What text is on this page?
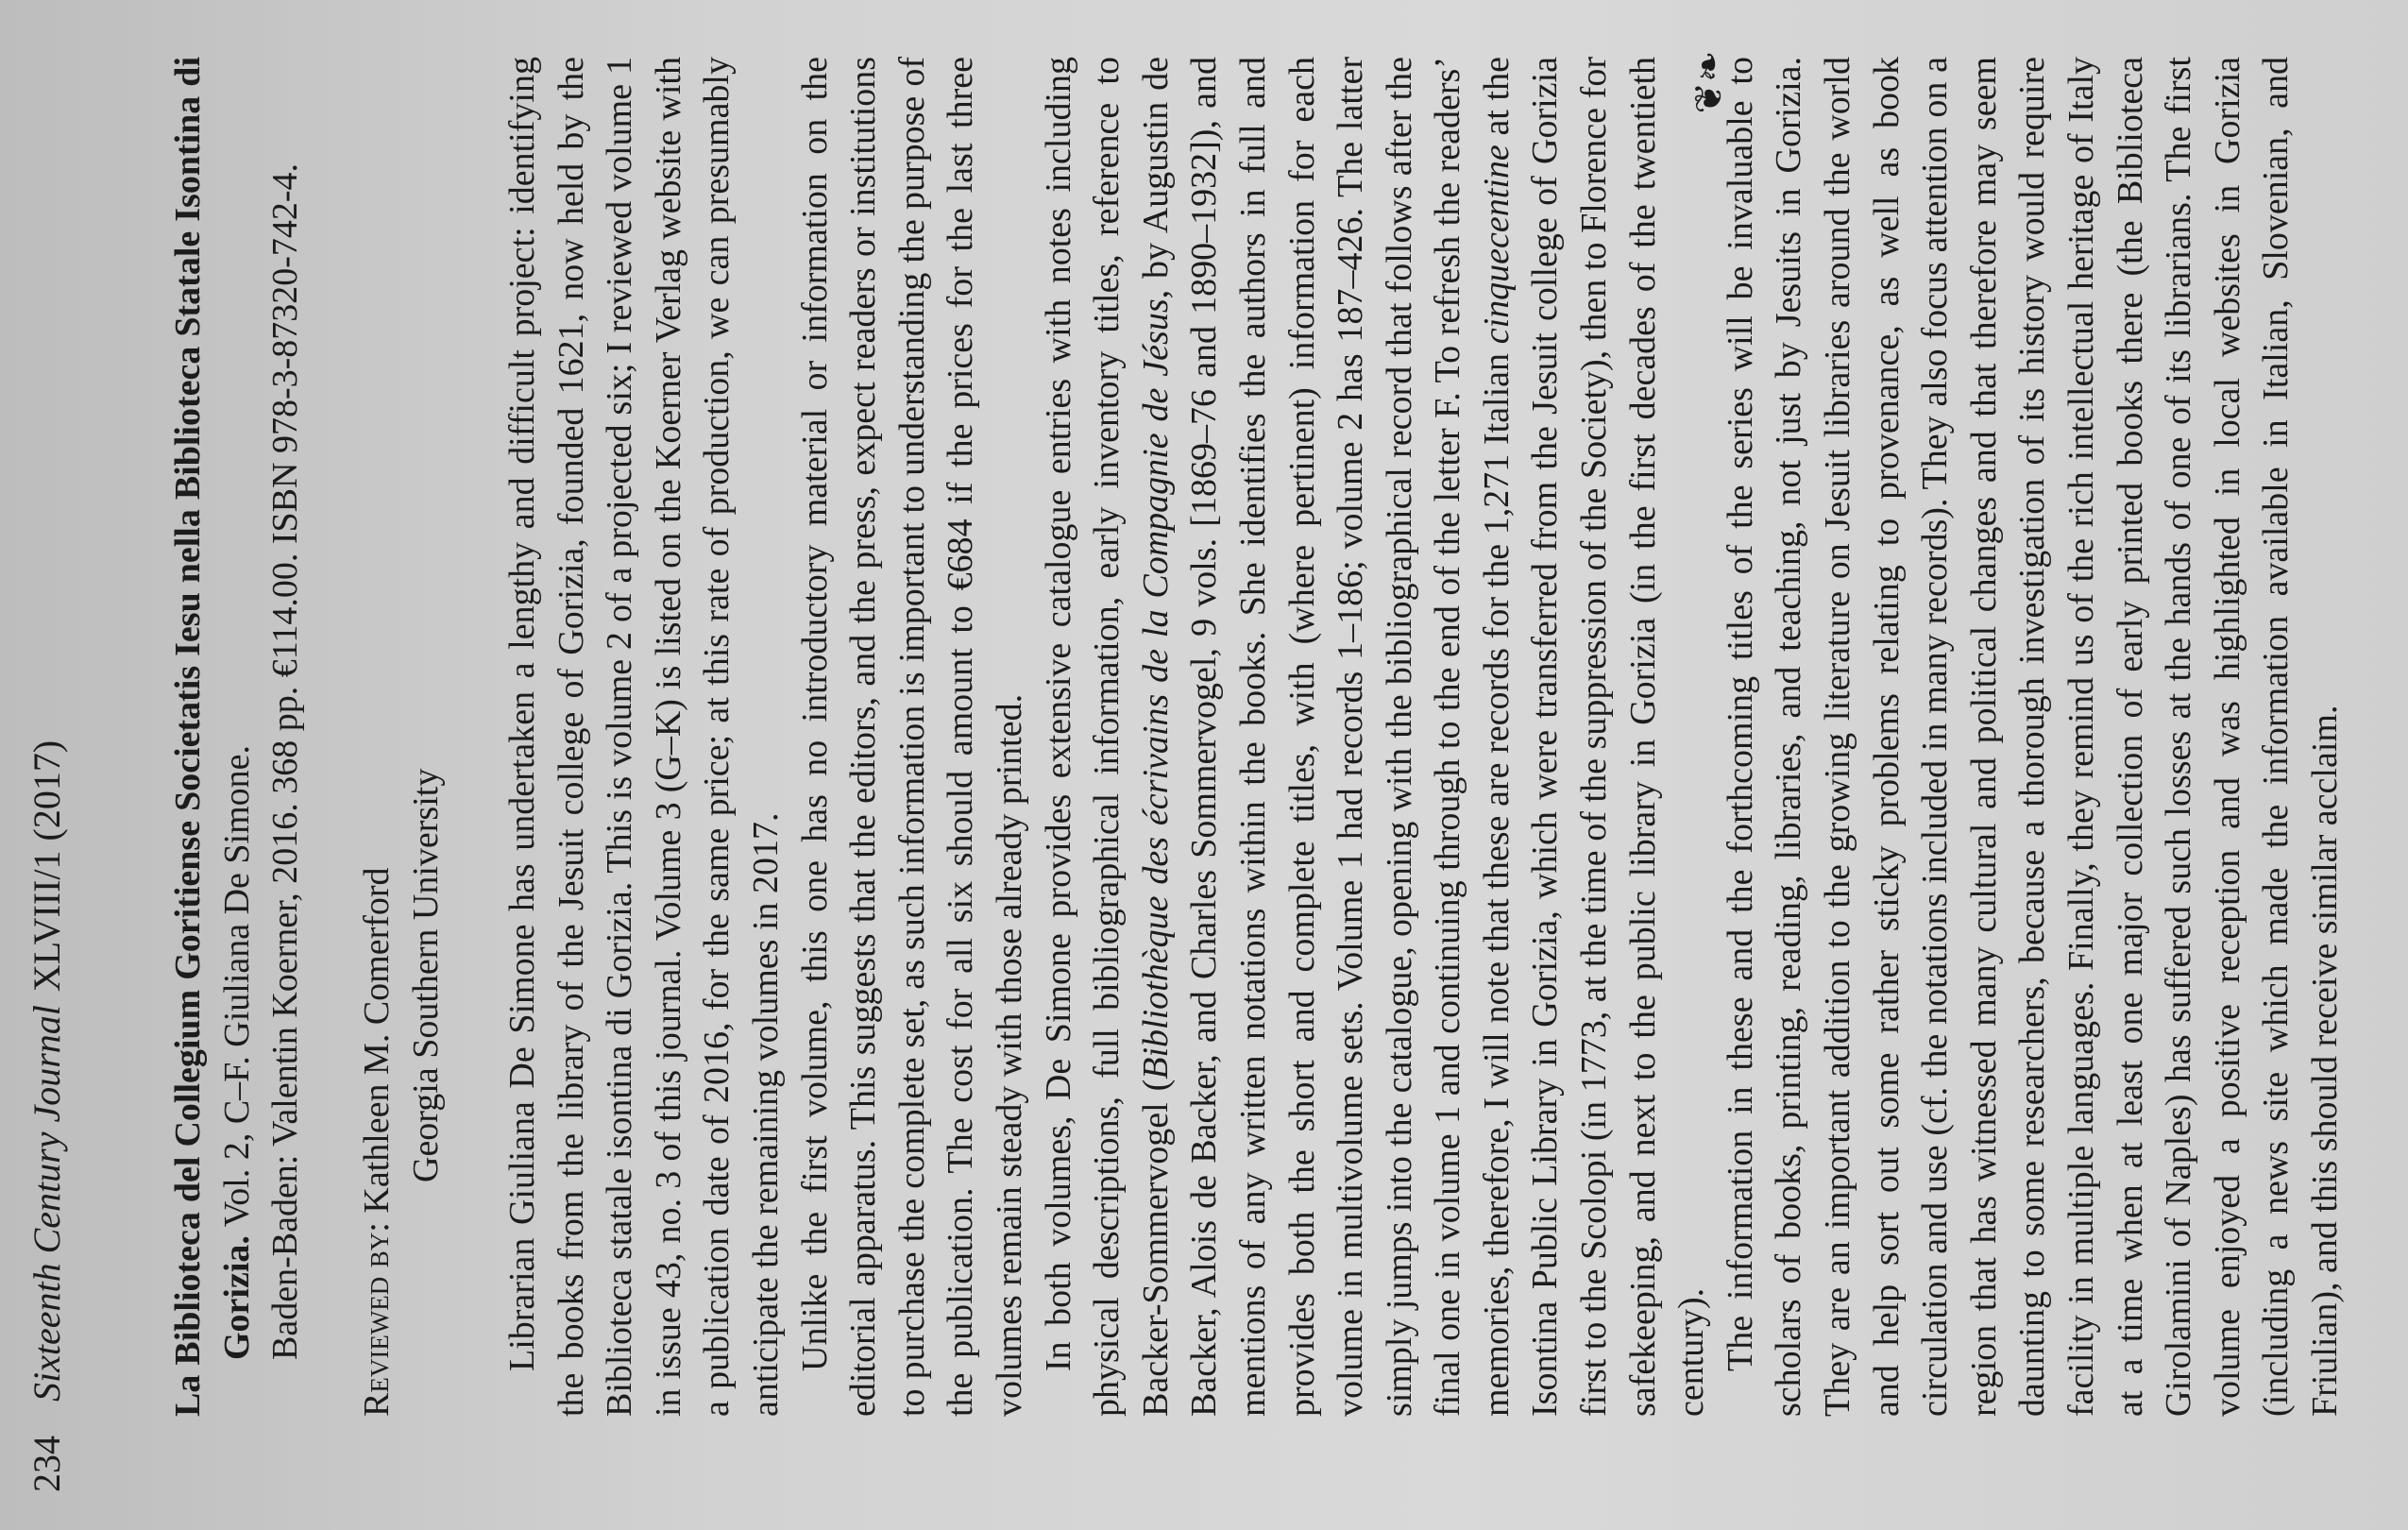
234Sixteenth Century JournalXLVIII/1 (2017)	La Biblioteca del Collegium Goritiense Societatis Iesu nella Biblioteca Statale Isontina di Gorizia. Vol. 2, C–F. Giuliana De Simone. Baden-Baden: Valentin Koerner, 2016. 368 pp. €114.00. ISBN 978-3-87320-742-4. Reviewed by: Kathleen M. Comerford Georgia Southern University Librarian Giuliana De Simone has undertaken a lengthy and difficult project: identifying the books from the library of the Jesuit college of Gorizia, founded 1621, now held by the Biblioteca statale isontina di Gorizia. This is volume 2 of a projected six; I reviewed volume 1 in issue 43, no. 3 of this journal. Volume 3 (G–K) is listed on the Koerner Verlag website with a publication date of 2016, for the same price; at this rate of production, we can presumably anticipate the remaining volumes in 2017. Unlike the first volume, this one has no introductory material or information on the editorial apparatus. This suggests that the editors, and the press, expect readers or institutions to purchase the complete set, as such information is important to understanding the purpose of the publication. The cost for all six should amount to €684 if the prices for the last three volumes remain steady with those already printed. In both volumes, De Simone provides extensive catalogue entries with notes including physical descriptions, full bibliographical information, early inventory titles, reference to Backer-Sommervogel (Bibliothèque des écrivains de la Compagnie de Jésus, by Augustin de Backer, Alois de Backer, and Charles Sommervogel, 9 vols. [1869–76 and 1890–1932]), and mentions of any written notations within the books. She identifies the authors in full and provides both the short and complete titles, with (where pertinent) information for each volume in multivolume sets. Volume 1 had records 1–186; volume 2 has 187–426. The latter simply jumps into the catalogue, opening with the bibliographical record that follows after the final one in volume 1 and continuing through to the end of the letter F. To refresh the readers’ memories, therefore, I will note that these are records for the 1,271 Italian cinquecentine at the Isontina Public Library in Gorizia, which were transferred from the Jesuit college of Gorizia first to the Scolopi (in 1773, at the time of the suppression of the Society), then to Florence for safekeeping, and next to the public library in Gorizia (in the first decades of the twentieth century). The information in these and the forthcoming titles of the series will be invaluable to scholars of books, printing, reading, libraries, and teaching, not just by Jesuits in Gorizia. They are an important addition to the growing literature on Jesuit libraries around the world and help sort out some rather sticky problems relating to provenance, as well as book circulation and use (cf. the notations included in many records). They also focus attention on a region that has witnessed many cultural and political changes and that therefore may seem daunting to some researchers, because a thorough investigation of its history would require facility in multiple languages. Finally, they remind us of the rich intellectual heritage of Italy at a time when at least one major collection of early printed books there (the Biblioteca Girolamini of Naples) has suffered such losses at the hands of one of its librarians. The first volume enjoyed a positive reception and was highlighted in local websites in Gorizia (including a news site which made the information available in Italian, Slovenian, and Friulian), and this should receive similar acclaim.

❦❧
